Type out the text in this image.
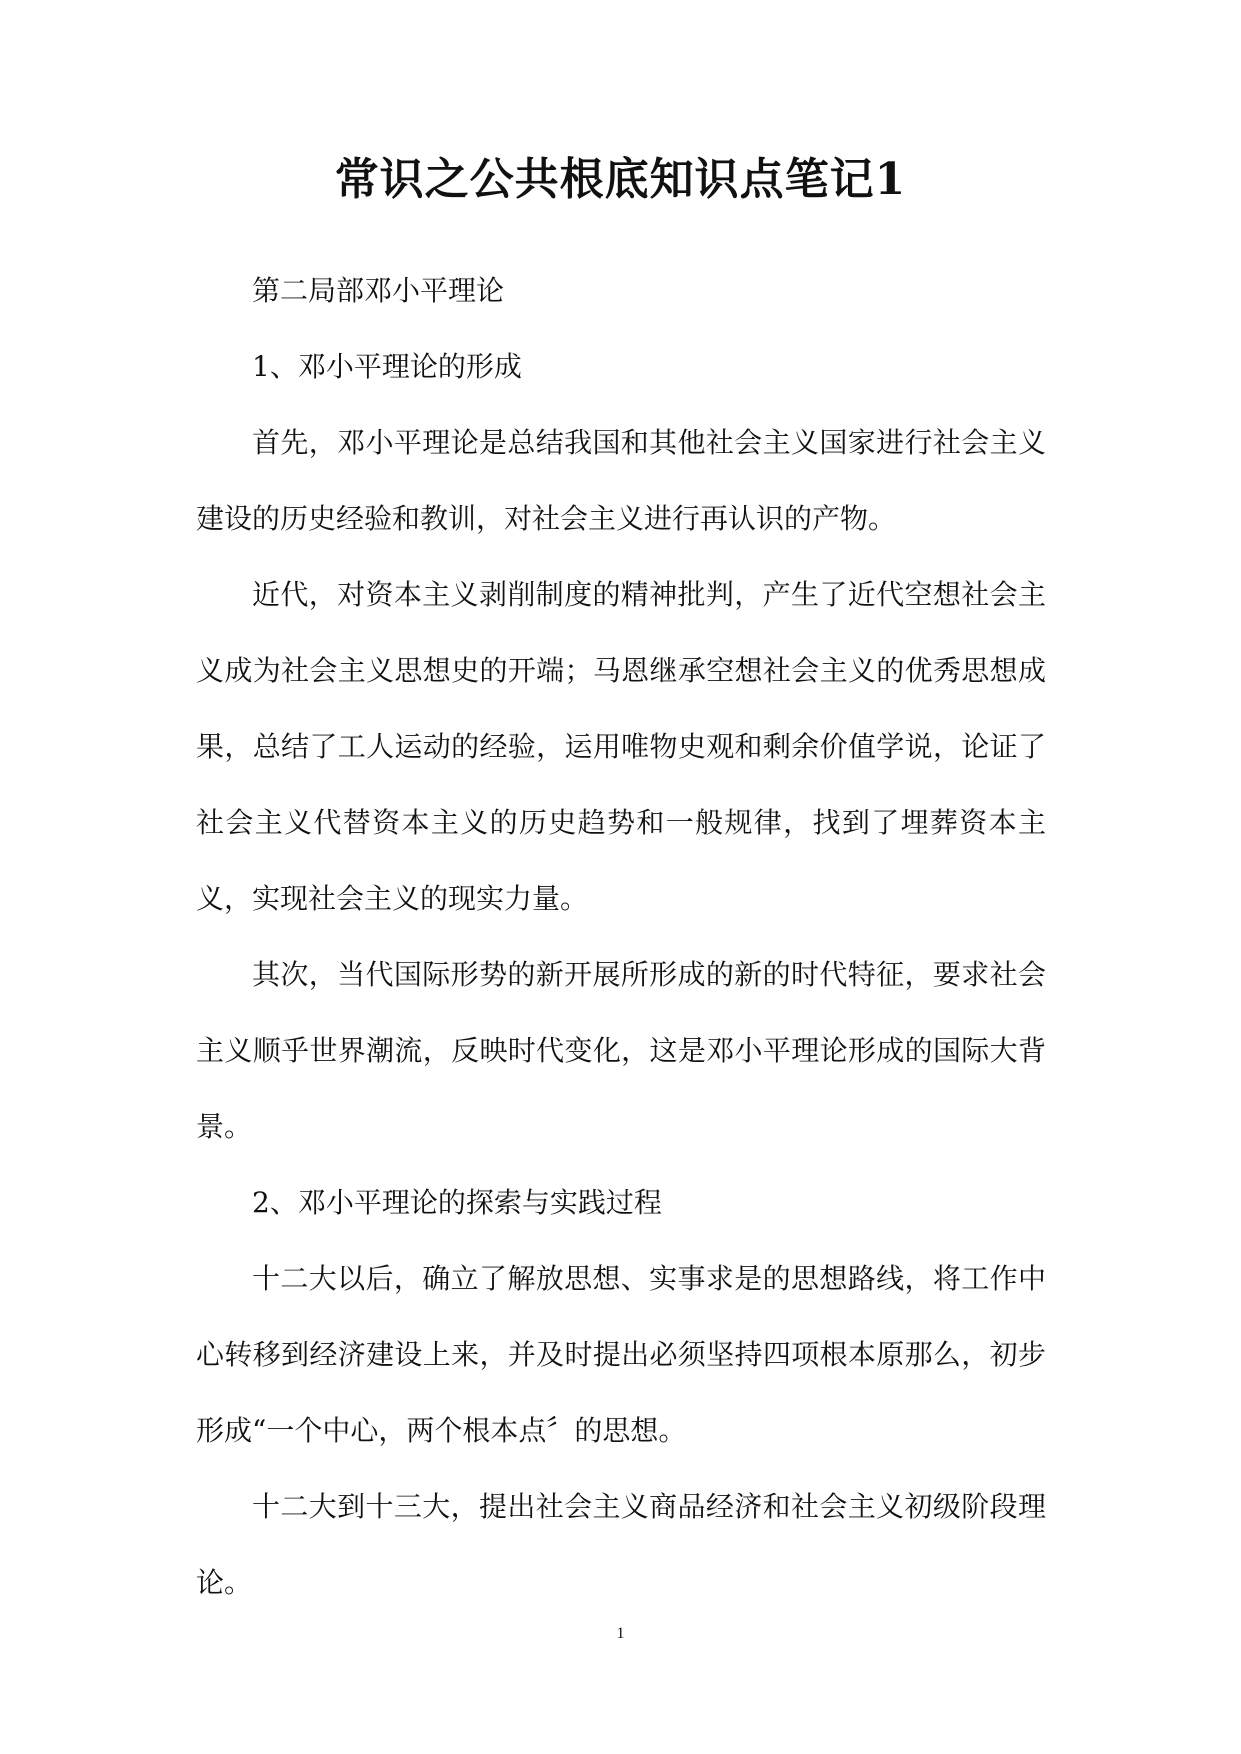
常识之公共根底知识点笔记1

第二局部邓小平理论

1、邓小平理论的形成

首先，邓小平理论是总结我国和其他社会主义国家进行社会主义建设的历史经验和教训，对社会主义进行再认识的产物。

近代，对资本主义剥削制度的精神批判，产生了近代空想社会主义成为社会主义思想史的开端；马恩继承空想社会主义的优秀思想成果，总结了工人运动的经验，运用唯物史观和剩余价值学说，论证了社会主义代替资本主义的历史趋势和一般规律，找到了埋葬资本主义，实现社会主义的现实力量。

其次，当代国际形势的新开展所形成的新的时代特征，要求社会主义顺乎世界潮流，反映时代变化，这是邓小平理论形成的国际大背景。

2、邓小平理论的探索与实践过程

十二大以后，确立了解放思想、实事求是的思想路线，将工作中心转移到经济建设上来，并及时提出必须坚持四项根本原那么，初步形成“一个中心，两个根本点〞的思想。

十二大到十三大，提出社会主义商品经济和社会主义初级阶段理论。

1
